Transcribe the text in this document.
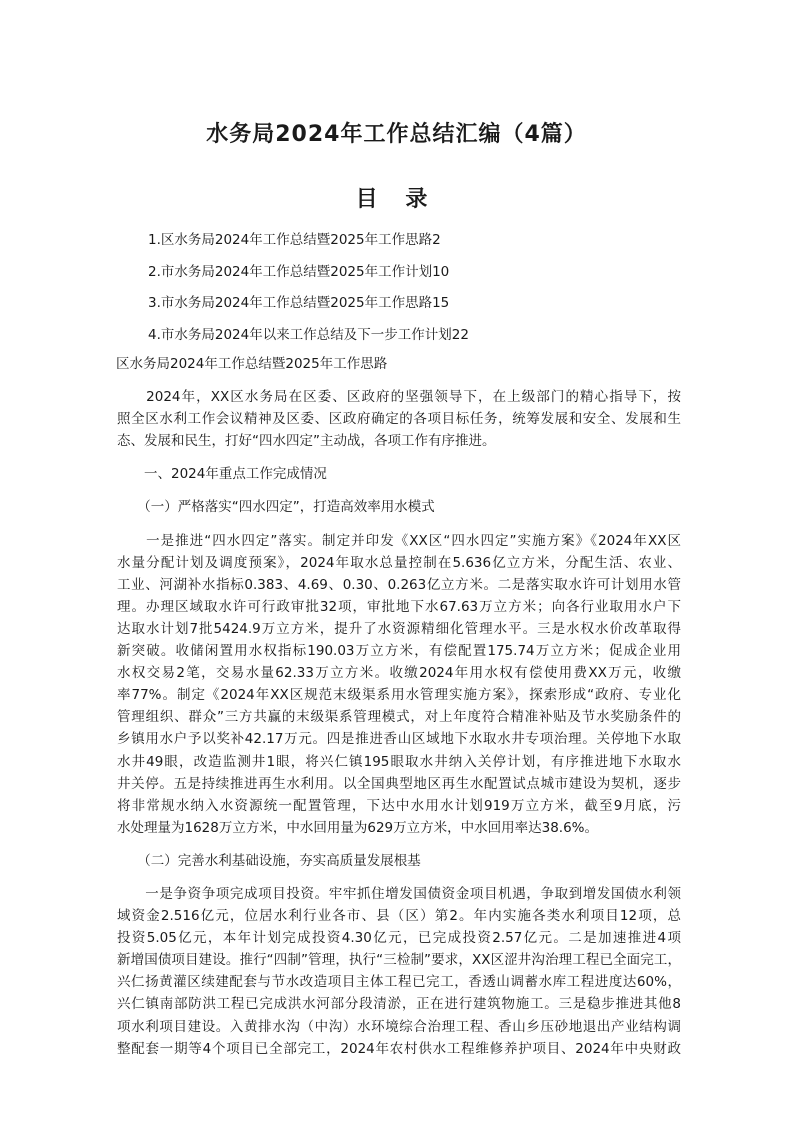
水务局2024年工作总结汇编（4篇）
目 录
1.区水务局2024年工作总结暨2025年工作思路2
2.市水务局2024年工作总结暨2025年工作计划10
3.市水务局2024年工作总结暨2025年工作思路15
4.市水务局2024年以来工作总结及下一步工作计划22
区水务局2024年工作总结暨2025年工作思路
　　2024年，XX区水务局在区委、区政府的坚强领导下，在上级部门的精心指导下，按
照全区水利工作会议精神及区委、区政府确定的各项目标任务，统筹发展和安全、发展和生
态、发展和民生，打好“四水四定”主动战，各项工作有序推进。
　　一、2024年重点工作完成情况
　　（一）严格落实“四水四定”，打造高效率用水模式
　　一是推进“四水四定”落实。制定并印发《XX区“四水四定”实施方案》《2024年XX区
水量分配计划及调度预案》，2024年取水总量控制在5.636亿立方米，分配生活、农业、
工业、河湖补水指标0.383、4.69、0.30、0.263亿立方米。二是落实取水许可计划用水管
理。办理区域取水许可行政审批32项，审批地下水67.63万立方米；向各行业取用水户下
达取水计划7批5424.9万立方米，提升了水资源精细化管理水平。三是水权水价改革取得
新突破。收储闲置用水权指标190.03万立方米，有偿配置175.74万立方米；促成企业用
水权交易2笔，交易水量62.33万立方米。收缴2024年用水权有偿使用费XX万元，收缴
率77%。制定《2024年XX区规范末级渠系用水管理实施方案》，探索形成“政府、专业化
管理组织、群众”三方共赢的末级渠系管理模式，对上年度符合精准补贴及节水奖励条件的
乡镇用水户予以奖补42.17万元。四是推进香山区域地下水取水井专项治理。关停地下水取
水井49眼，改造监测井1眼，将兴仁镇195眼取水井纳入关停计划，有序推进地下水取水
井关停。五是持续推进再生水利用。以全国典型地区再生水配置试点城市建设为契机，逐步
将非常规水纳入水资源统一配置管理，下达中水用水计划919万立方米，截至9月底，污
水处理量为1628万立方米，中水回用量为629万立方米，中水回用率达38.6%。
　　（二）完善水利基础设施，夯实高质量发展根基
　　一是争资争项完成项目投资。牢牢抓住增发国债资金项目机遇，争取到增发国债水利领
域资金2.516亿元，位居水利行业各市、县（区）第2。年内实施各类水利项目12项，总
投资5.05亿元，本年计划完成投资4.30亿元，已完成投资2.57亿元。二是加速推进4项
新增国债项目建设。推行“四制”管理，执行“三检制”要求，XX区涩井沟治理工程已全面完工，
兴仁扬黄灌区续建配套与节水改造项目主体工程已完工，香透山调蓄水库工程进度达60%，
兴仁镇南部防洪工程已完成洪水河部分段清淤，正在进行建筑物施工。三是稳步推进其他8
项水利项目建设。入黄排水沟（中沟）水环境综合治理工程、香山乡压砂地退出产业结构调
整配套一期等4个项目已全部完工，2024年农村供水工程维修养护项目、2024年中央财政
